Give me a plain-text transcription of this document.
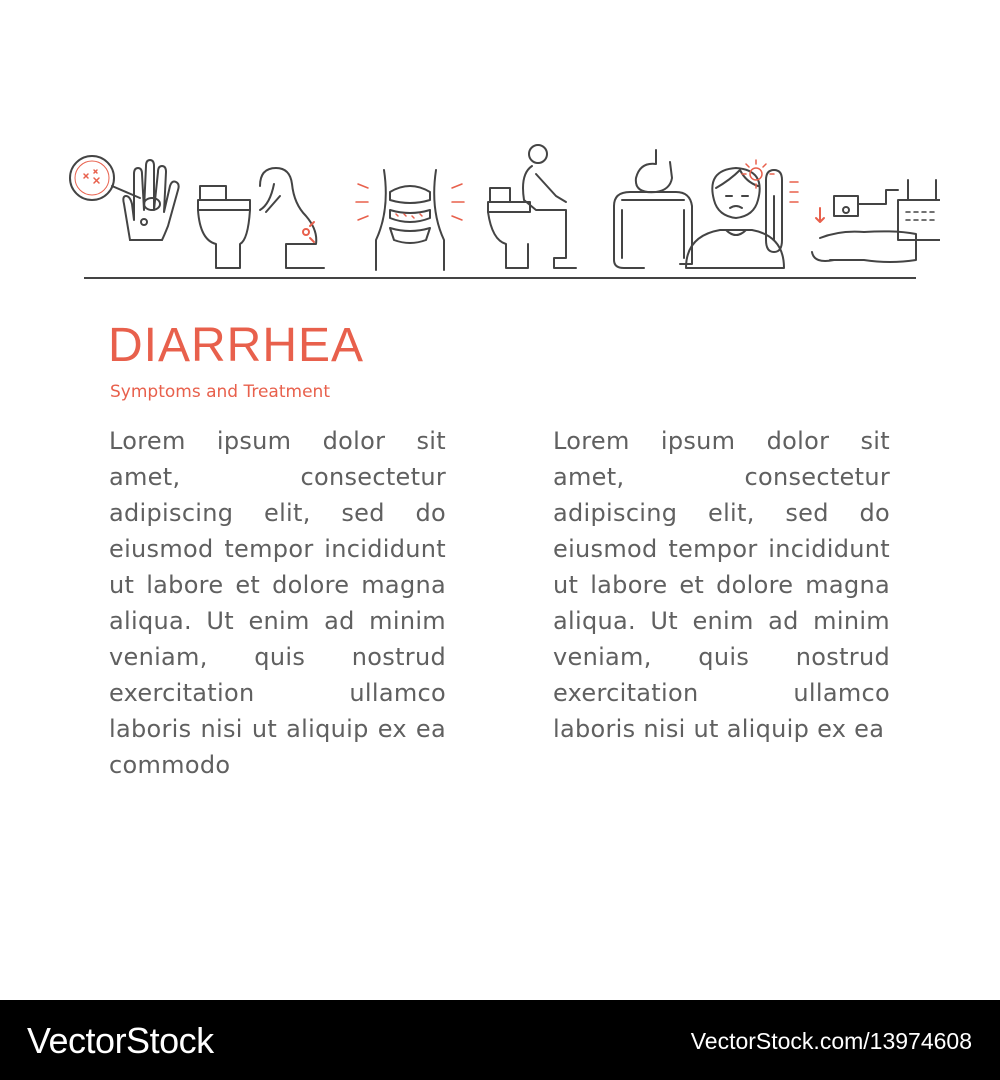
DIARRHEA
Symptoms and Treatment
Lorem ipsum dolor sit amet, consectetur adipiscing elit, sed do eiusmod tempor incididunt ut labore et dolore magna aliqua. Ut enim ad minim veniam, quis nostrud exercitation ullamco laboris nisi ut aliquip ex ea commodo
Lorem ipsum dolor sit amet, consectetur adipiscing elit, sed do eiusmod tempor incididunt ut labore et dolore magna aliqua. Ut enim ad minim veniam, quis nostrud exercitation ullamco laboris nisi ut aliquip ex ea
VectorStock	VectorStock.com/13974608
